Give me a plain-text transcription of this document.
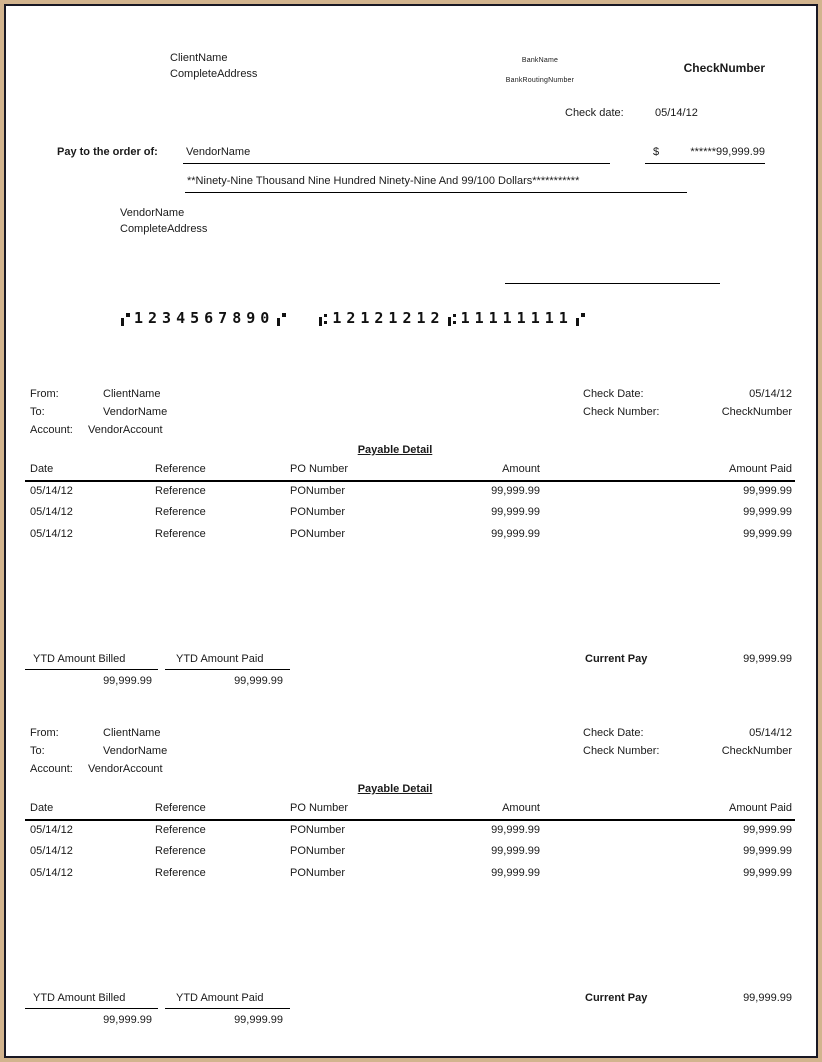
ClientName
CompleteAddress
BankName
BankRoutingNumber
CheckNumber
Check date:	05/14/12
Pay to the order of:	VendorName	$	******99,999.99
**Ninety-Nine Thousand Nine Hundred Ninety-Nine And 99/100 Dollars***********
VendorName
CompleteAddress
1234567890	12121212 11111111
From:	ClientName	Check Date:	05/14/12
To:	VendorName	Check Number:	CheckNumber
Account: VendorAccount
Payable Detail
Date	Reference	PO Number	Amount	Amount Paid
05/14/12	Reference	PONumber	99,999.99	99,999.99
05/14/12	Reference	PONumber	99,999.99	99,999.99
05/14/12	Reference	PONumber	99,999.99	99,999.99
YTD Amount Billed	YTD Amount Paid
99,999.99	99,999.99
Current Pay	99,999.99
From:	ClientName	Check Date:	05/14/12
To:	VendorName	Check Number:	CheckNumber
Account: VendorAccount
Payable Detail
Date	Reference	PO Number	Amount	Amount Paid
05/14/12	Reference	PONumber	99,999.99	99,999.99
05/14/12	Reference	PONumber	99,999.99	99,999.99
05/14/12	Reference	PONumber	99,999.99	99,999.99
YTD Amount Billed	YTD Amount Paid
99,999.99	99,999.99
Current Pay	99,999.99
